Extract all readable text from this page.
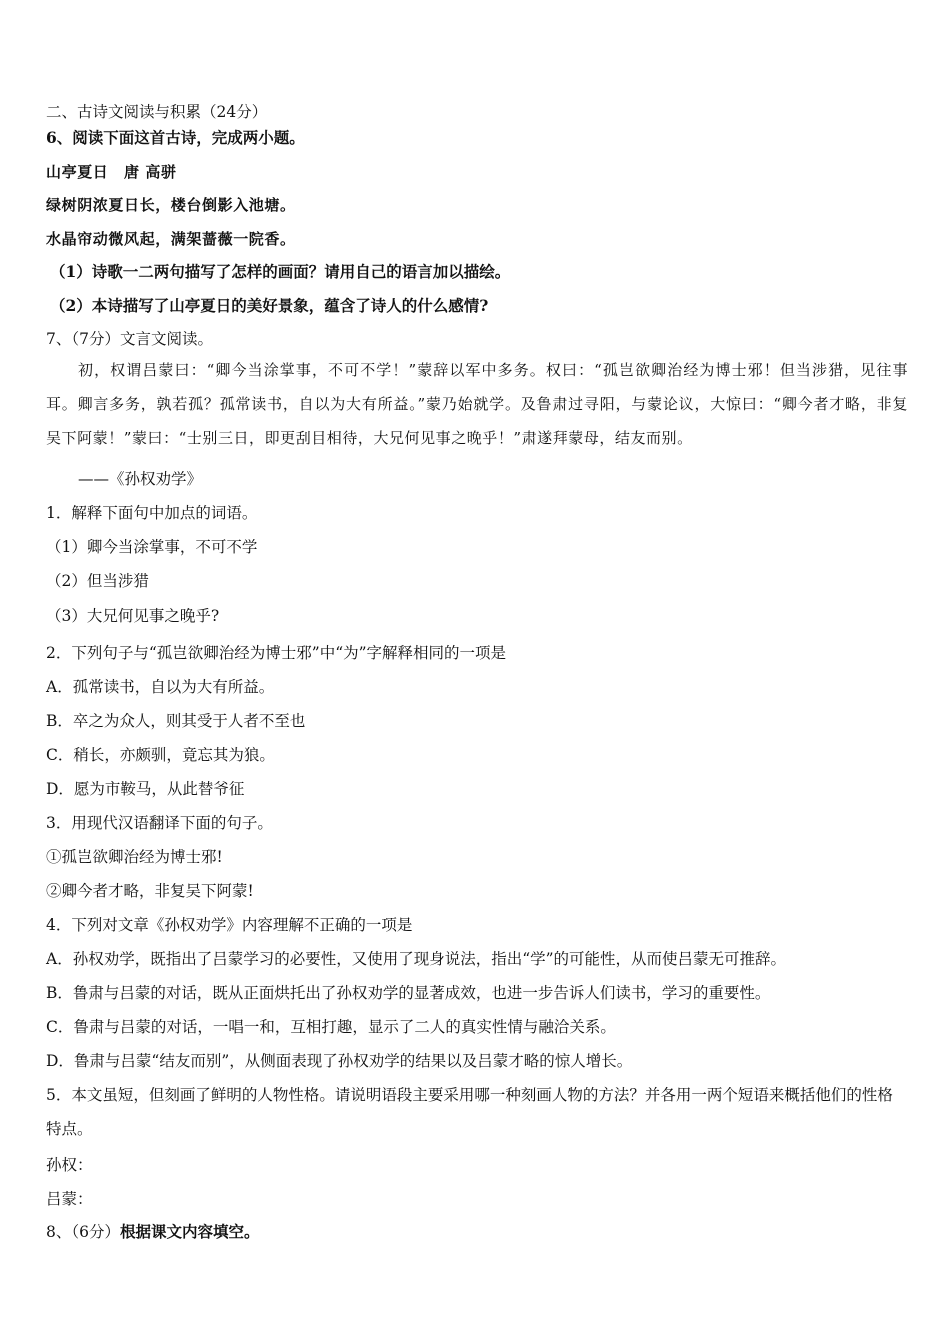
二、古诗文阅读与积累（24分）
6、阅读下面这首古诗，完成两小题。
山亭夏日　唐 高骈
绿树阴浓夏日长，楼台倒影入池塘。
水晶帘动微风起，满架蔷薇一院香。
（1）诗歌一二两句描写了怎样的画面？请用自己的语言加以描绘。
（2）本诗描写了山亭夏日的美好景象，蕴含了诗人的什么感情?
7、（7分）文言文阅读。
初，权谓吕蒙曰：“卿今当涂掌事，不可不学！”蒙辞以军中多务。权曰：“孤岂欲卿治经为博士邪！但当涉猎，见往事耳。卿言多务，孰若孤？孤常读书，自以为大有所益。”蒙乃始就学。及鲁肃过寻阳，与蒙论议，大惊曰：“卿今者才略，非复吴下阿蒙！”蒙曰：“士别三日，即更刮目相待，大兄何见事之晚乎！”肃遂拜蒙母，结友而别。
——《孙权劝学》
1．解释下面句中加点的词语。
（1）卿今当涂掌事，不可不学
（2）但当涉猎
（3）大兄何见事之晚乎?
2．下列句子与“孤岂欲卿治经为博士邪”中“为”字解释相同的一项是
A．孤常读书，自以为大有所益。
B．卒之为众人，则其受于人者不至也
C．稍长，亦颇驯，竟忘其为狼。
D．愿为市鞍马，从此替爷征
3．用现代汉语翻译下面的句子。
①孤岂欲卿治经为博士邪!
②卿今者才略，非复吴下阿蒙!
4．下列对文章《孙权劝学》内容理解不正确的一项是
A．孙权劝学，既指出了吕蒙学习的必要性，又使用了现身说法，指出“学”的可能性，从而使吕蒙无可推辞。
B．鲁肃与吕蒙的对话，既从正面烘托出了孙权劝学的显著成效，也进一步告诉人们读书，学习的重要性。
C．鲁肃与吕蒙的对话，一唱一和，互相打趣，显示了二人的真实性情与融洽关系。
D．鲁肃与吕蒙“结友而别”，从侧面表现了孙权劝学的结果以及吕蒙才略的惊人增长。
5．本文虽短，但刻画了鲜明的人物性格。请说明语段主要采用哪一种刻画人物的方法？并各用一两个短语来概括他们的性格特点。
孙权：
吕蒙：
8、（6分）根据课文内容填空。
